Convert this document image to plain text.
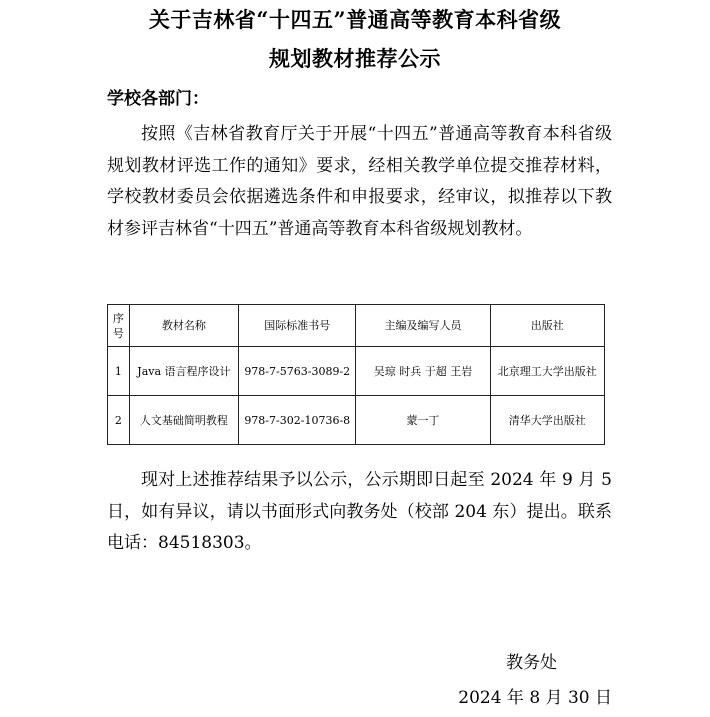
关于吉林省“十四五”普通高等教育本科省级
规划教材推荐公示
学校各部门：

按照《吉林省教育厅关于开展“十四五”普通高等教育本科省级规划教材评选工作的通知》要求，经相关教学单位提交推荐材料，学校教材委员会依据遴选条件和申报要求，经审议，拟推荐以下教材参评吉林省“十四五”普通高等教育本科省级规划教材。

序号	教材名称	国际标准书号	主编及编写人员	出版社
1	Java 语言程序设计	978-7-5763-3089-2	吴琼 时兵 于超 王岩	北京理工大学出版社
2	人文基础简明教程	978-7-302-10736-8	蒙一丁	清华大学出版社

现对上述推荐结果予以公示，公示期即日起至 2024 年 9 月 5 日，如有异议，请以书面形式向教务处（校部 204 东）提出。联系电话：84518303。

教务处
2024 年 8 月 30 日
